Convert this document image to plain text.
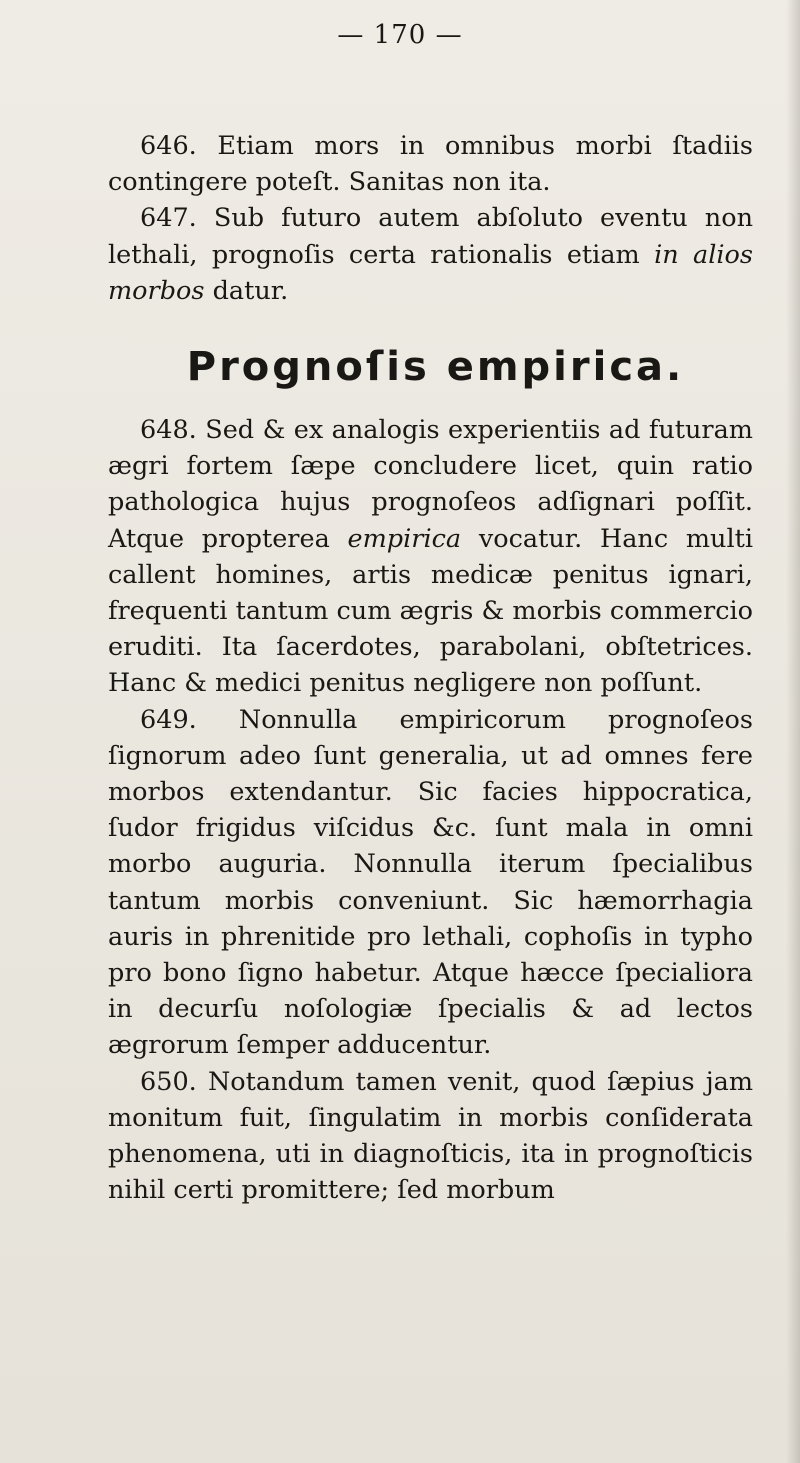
— 170 —

646. Etiam mors in omnibus morbi ſtadiis contingere poteſt. Sanitas non ita.

647. Sub futuro autem abſoluto eventu non lethali, prognoſis certa rationalis etiam in alios morbos datur.

Prognoſis empirica.

648. Sed & ex analogis experientiis ad futuram ægri fortem ſæpe concludere licet, quin ratio pathologica hujus prognoſeos adſignari poſſit. Atque propterea empirica vocatur. Hanc multi callent homines, artis medicæ penitus ignari, frequenti tantum cum ægris & morbis commercio eruditi. Ita ſacerdotes, parabolani, obſtetrices. Hanc & medici penitus negligere non poſſunt.

649. Nonnulla empiricorum prognoſeos ſignorum adeo ſunt generalia, ut ad omnes fere morbos extendantur. Sic facies hippocratica, ſudor frigidus viſcidus &c. ſunt mala in omni morbo auguria. Nonnulla iterum ſpecialibus tantum morbis conveniunt. Sic hæmorrhagia auris in phrenitide pro lethali, cophoſis in typho pro bono ſigno habetur. Atque hæcce ſpecialiora in decurſu noſologiæ ſpecialis & ad lectos ægrorum ſemper adducentur.

650. Notandum tamen venit, quod ſæpius jam monitum fuit, ſingulatim in morbis conſiderata phenomena, uti in diagnoſticis, ita in prognoſticis nihil certi promittere; ſed morbum
